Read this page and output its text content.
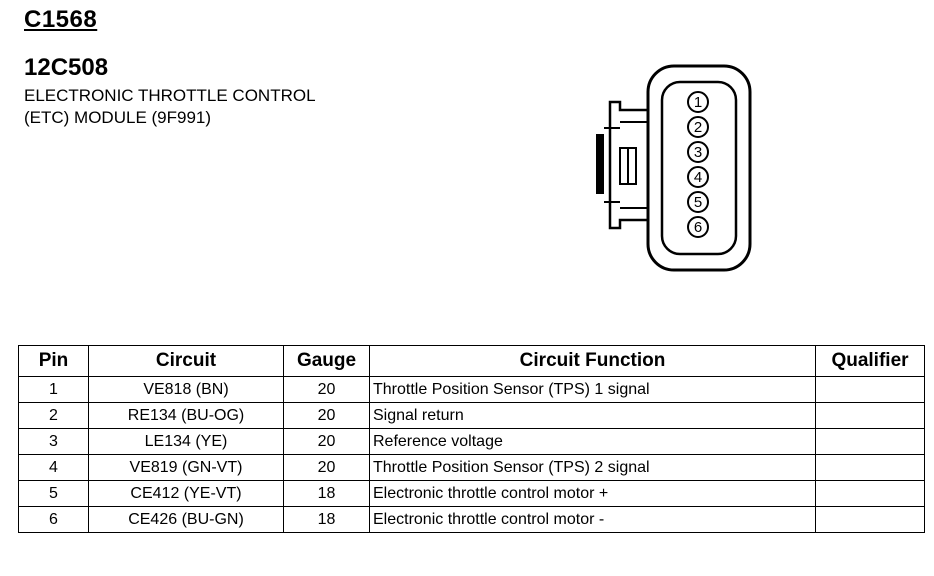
C1568
12C508
ELECTRONIC THROTTLE CONTROL
(ETC) MODULE (9F991)
1
2
3
4
5
6
Pin	Circuit	Gauge	Circuit Function	Qualifier
1	VE818 (BN)	20	Throttle Position Sensor (TPS) 1 signal	
2	RE134 (BU-OG)	20	Signal return	
3	LE134 (YE)	20	Reference voltage	
4	VE819 (GN-VT)	20	Throttle Position Sensor (TPS) 2 signal	
5	CE412 (YE-VT)	18	Electronic throttle control motor +	
6	CE426 (BU-GN)	18	Electronic throttle control motor -	
